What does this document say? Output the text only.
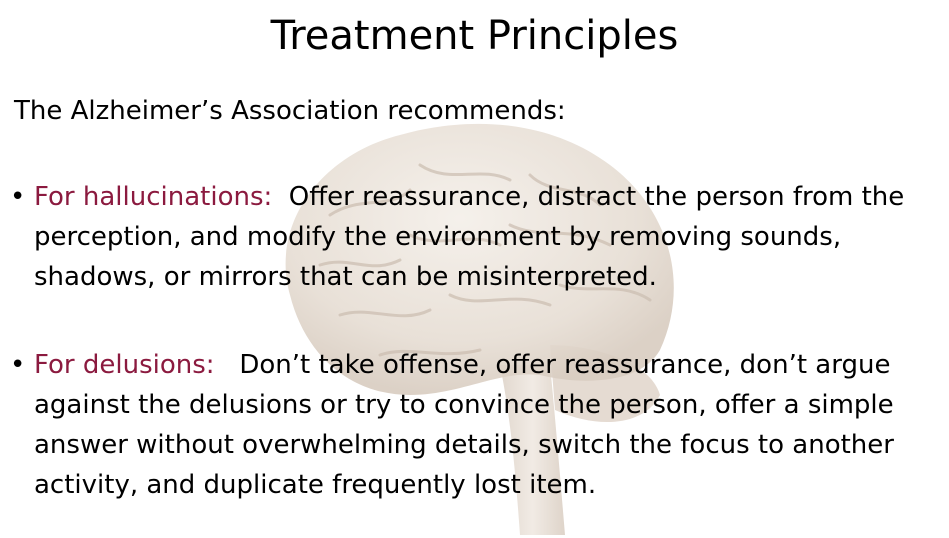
Treatment Principles
The Alzheimer’s Association recommends:
• For hallucinations: Offer reassurance, distract the person from the perception, and modify the environment by removing sounds, shadows, or mirrors that can be misinterpreted.
• For delusions: Don’t take offense, offer reassurance, don’t argue against the delusions or try to convince the person, offer a simple answer without overwhelming details, switch the focus to another activity, and duplicate frequently lost item.
